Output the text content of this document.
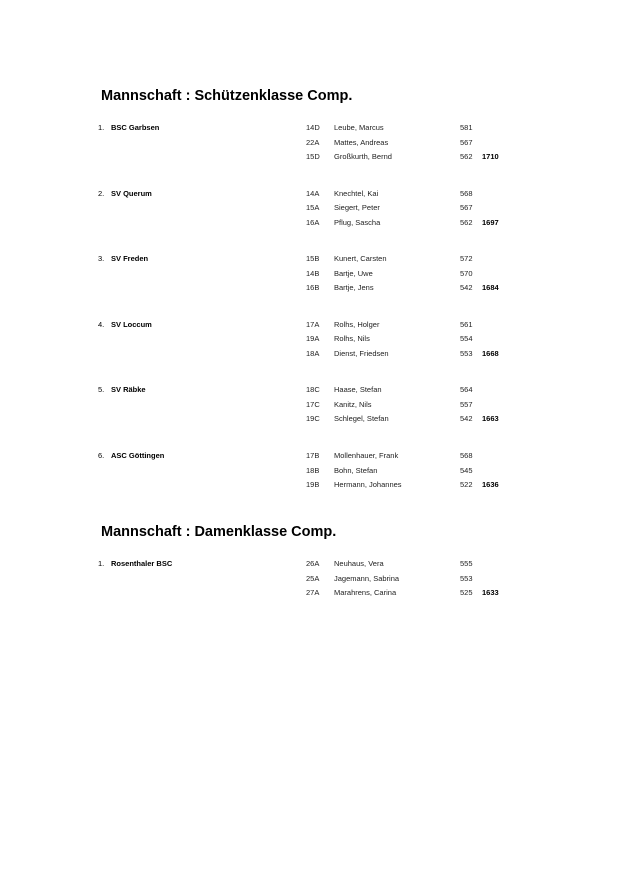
Mannschaft : Schützenklasse Comp.
1. BSC Garbsen	14D Leube, Marcus	581
22A Mattes, Andreas	567
15D Großkurth, Bernd	562 1710
2. SV Querum	14A Knechtel, Kai	568
15A Siegert, Peter	567
16A Pflug, Sascha	562 1697
3. SV Freden	15B Kunert, Carsten	572
14B Bartje, Uwe	570
16B Bartje, Jens	542 1684
4. SV Loccum	17A Rolhs, Holger	561
19A Rolhs, Nils	554
18A Dienst, Friedsen	553 1668
5. SV Räbke	18C Haase, Stefan	564
17C Kanitz, Nils	557
19C Schlegel, Stefan	542 1663
6. ASC Göttingen	17B Mollenhauer, Frank	568
18B Bohn, Stefan	545
19B Hermann, Johannes	522 1636
Mannschaft : Damenklasse Comp.
1. Rosenthaler BSC	26A Neuhaus, Vera	555
25A Jagemann, Sabrina	553
27A Marahrens, Carina	525 1633
